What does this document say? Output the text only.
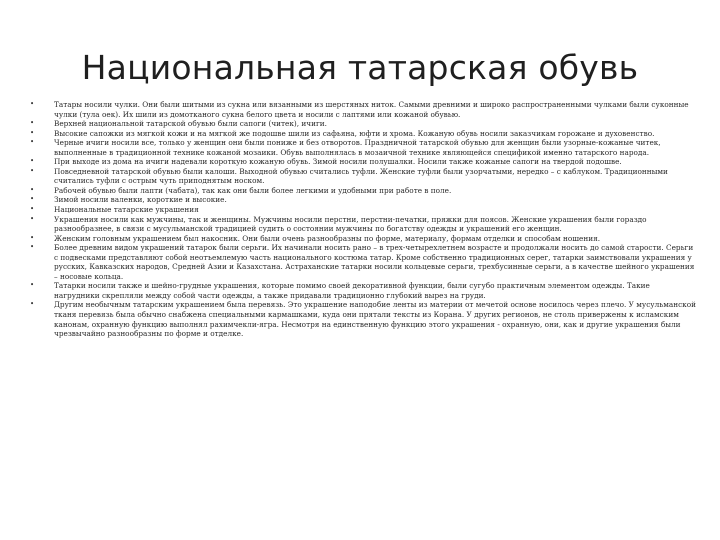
Национальная татарская обувь
•	Татары носили чулки. Они были шитыми из сукна или вязанными из шерстяных ниток. Самыми древними и широко распространенными чулками были суконные чулки (тула оек). Их шили из домотканого сукна белого цвета и носили с лаптями или кожаной обувью.
•	Верхней национальной татарской обувью были сапоги (читек), ичиги.
•	Высокие сапожки из мягкой кожи и на мягкой же подошве шили из сафьяна, юфти и хрома. Кожаную обувь носили заказчикам горожане и духовенство.
•	Черные ичиги носили все, только у женщин они были пониже и без отворотов. Праздничной татарской обувью для женщин были узорные-кожаные читек, выполненные в традиционной технике кожаной мозаики. Обувь выполнялась в мозаичной технике являющейся спецификой именно татарского народа.
•	При выходе из дома на ичиги надевали короткую кожаную обувь. Зимой носили полушалки. Носили также кожаные сапоги на твердой подошве.
•	Повседневной татарской обувью были калоши. Выходной обувью считались туфли. Женские туфли были узорчатыми, нередко – с каблуком. Традиционными считались туфли с острым чуть приподнятым носком.
•	Рабочей обувью были лапти (чабата), так как они были более легкими и удобными при работе в поле.
•	Зимой носили валенки, короткие и высокие.
•	Национальные татарские украшения
•	Украшения носили как мужчины, так и женщины. Мужчины носили перстни, перстни-печатки, пряжки для поясов. Женские украшения были гораздо разнообразнее, в связи с мусульманской традицией судить о состоянии мужчины по богатству одежды и украшений его женщин.
•	Женским головным украшением был накосник. Они были очень разнообразны по форме, материалу, формам отделки и способам ношения.
•	Более древним видом украшений татарок были серьги. Их начинали носить рано – в трех-четырехлетнем возрасте и продолжали носить до самой старости. Серьги с подвесками представляют собой неотъемлемую часть национального костюма татар. Кроме собственно традиционных серег, татарки заимствовали украшения у русских, Кавказских народов, Средней Азии и Казахстана. Астраханские татарки носили кольцевые серьги, трехбусинные серьги, а в качестве шейного украшения – носовые кольца.
•	Татарки носили также и шейно-грудные украшения, которые помимо своей декоративной функции, были сугубо практичным элементом одежды. Такие нагрудники скрепляли между собой части одежды, а также придавали традиционно глубокий вырез на груди.
•	Другим необычным татарским украшением была перевязь. Это украшение наподобие ленты из материи от мечетой основе носилось через плечо. У мусульманской тканя перевязь была обычно снабжена специальными кармашками, куда они прятали тексты из Корана. У других регионов, не столь привержены к исламским канонам, охранную функцию выполнял рахимчекли-ягра. Несмотря на единственную функцию этого украшения - охранную, они, как и другие украшения были чрезвычайно разнообразны по форме и отделке.
